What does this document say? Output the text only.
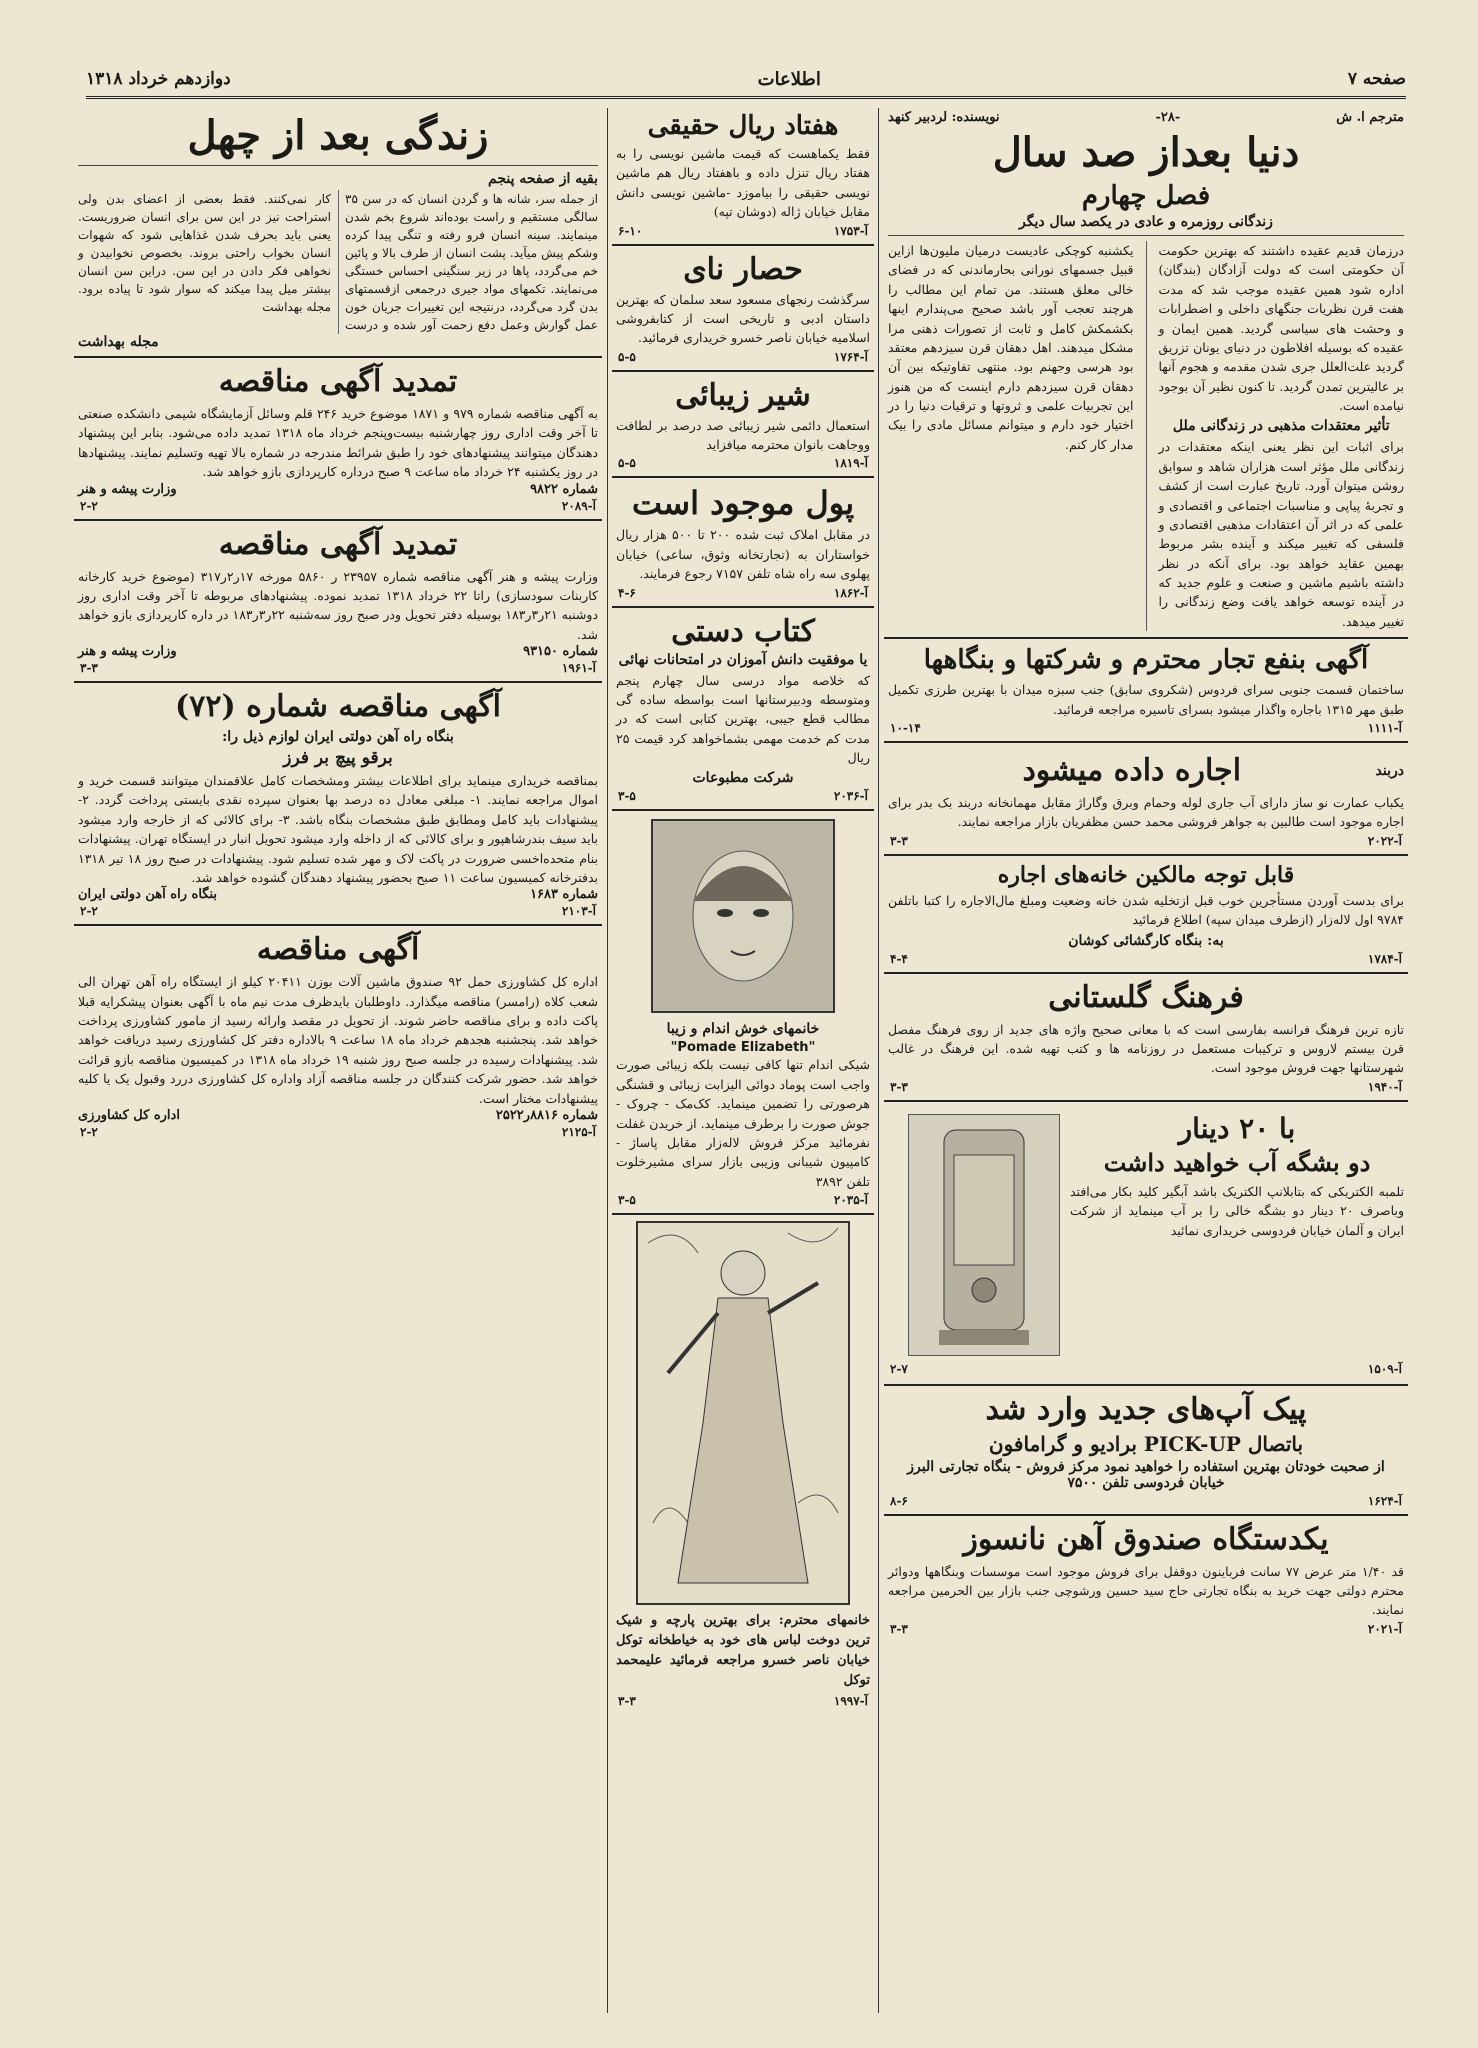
صفحه ۷
اطلاعات
دوازدهم خرداد ۱۳۱۸
مترجم ا. ش
-۲۸-
نویسنده: لردبیر کنهد
دنیا بعداز صد سال
فصل چهارم
زندگانی روزمره و عادی در یکصد سال دیگر
درزمان قدیم عقیده داشتند که بهترین حکومت آن حکومتی است که دولت آزادگان (بندگان) اداره شود همین عقیده موجب شد که مدت هفت قرن نظریات جنگهای داخلی و اضطرابات و وحشت های سیاسی گردید. همین ایمان و عقیده که بوسیله افلاطون در دنیای یونان تزریق گردید علت‌العلل جری شدن مقدمه و هجوم آنها بر عالیترین تمدن گردید. تا کنون نظیر آن بوجود نیامده است.
تأثیر معتقدات مذهبی در زندگانی ملل
برای اثبات این نظر یعنی اینکه معتقدات در زندگانی ملل مؤثر است هزاران شاهد و سوابق روشن میتوان آورد. تاریخ عبارت است از کشف و تجربهٔ پیاپی و مناسبات اجتماعی و اقتصادی و علمی که در اثر آن اعتقادات مذهبی اقتصادی و فلسفی که تغییر میکند و آینده بشر مربوط بهمین عقاید خواهد بود. برای آنکه در نظر داشته باشیم ماشین و صنعت و علوم جدید که در آینده توسعه خواهد یافت وضع زندگانی را تغییر میدهد.
یکشنبه کوچکی عادیست درمیان ملیون‌ها ازاین قبیل جسمهای نورانی بحارماندنی که در فضای خالی معلق هستند. من تمام این مطالب را هرچند تعجب آور باشد صحیح می‌پندارم اینها بکشمکش کامل و ثابت از تصورات ذهنی مرا مشکل میدهند. اهل دهقان قرن سیزدهم معتقد بود هرسی وجهنم بود. منتهی تفاوتیکه بین آن دهقان قرن سیزدهم دارم اینست که من هنوز این تجربیات علمی و ثروتها و ترقیات دنیا را در اختیار خود دارم و میتوانم مسائل مادی را بیک مدار کار کنم.
آگهی بنفع تجار محترم و شرکتها و بنگاهها
ساختمان قسمت جنوبی سرای فردوس (شکروی سابق) جنب سبزه میدان با بهترین طرزی تکمیل طبق مهر ۱۳۱۵ باجاره واگذار میشود بسرای تاسیره مراجعه فرمائید.
آ-۱۱۱۱
۱۰-۱۴
دربند
اجاره داده میشود
یکباب عمارت نو ساز دارای آب جاری لوله وحمام وبرق وگاراژ مقابل مهمانخانه دربند بک بدر برای اجاره موجود است طالبین به جواهر فروشی محمد حسن مظفریان بازار مراجعه نمایند.
آ-۲۰۲۲
۳-۳
قابل توجه مالکین خانه‌های اجاره
برای بدست آوردن مستأجرین خوب قبل ازتخلیه شدن خانه وضعیت ومبلغ مال‌الاجاره را کتبا باتلفن ۹۷۸۴ اول لاله‌زار (ازطرف میدان سپه) اطلاع فرمائید
به: بنگاه کارگشائی کوشان
آ-۱۷۸۴
۴-۴
فرهنگ گلستانی
تازه ترین فرهنگ فرانسه بفارسی است که با معانی صحیح واژه های جدید از روی فرهنگ مفصل قرن بیستم لاروس و ترکیبات مستعمل در روزنامه ها و کتب تهیه شده. این فرهنگ در غالب شهرستانها جهت فروش موجود است.
آ-۱۹۴۰
۳-۳
با ۲۰ دینار
دو بشگه آب خواهید داشت
تلمبه الکتریکی که بتابلانپ الکتریک باشد آبگیر کلید بکار می‌افتد وباصرف ۲۰ دینار دو بشگه خالی را بر آب مینماید از شرکت ایران و آلمان خیابان فردوسی خریداری نمائید
آ-۱۵۰۹
۲-۷
پیک آپ‌های جدید وارد شد
باتصال PICK-UP برادیو و گرامافون
از صحبت خودتان بهترین استفاده را خواهید نمود مرکز فروش - بنگاه تجارتی البرز خیابان فردوسی تلفن ۷۵۰۰
آ-۱۶۲۴
۸-۶
یکدستگاه صندوق آهن نانسوز
قد ۱/۴۰ متر عرض ۷۷ سانت فرباینون دوقفل برای فروش موجود است موسسات وبنگاهها ودوائر محترم دولتی جهت خرید به بنگاه تجارتی حاج سید حسین ورشوچی جنب بازار بین الحرمین مراجعه نمایند.
آ-۲۰۲۱
۳-۳
هفتاد ریال حقیقی
فقط یکماهست که قیمت ماشین نویسی را به هفتاد ریال تنزل داده و باهفتاد ریال هم ماشین نویسی حقیقی را بیاموزد -ماشین نویسی دانش مقابل خیابان ژاله (دوشان تپه)
آ-۱۷۵۳
۶-۱۰
حصار نای
سرگذشت رنجهای مسعود سعد سلمان که بهترین داستان ادبی و تاریخی است از کتابفروشی اسلامیه خیابان ناصر خسرو خریداری فرمائید.
آ-۱۷۶۴
۵-۵
شیر زیبائی
استعمال دائمی شیر زیبائی صد درصد بر لطافت ووجاهت بانوان محترمه میافزاید
آ-۱۸۱۹
۵-۵
پول موجود است
در مقابل املاک ثبت شده ۲۰۰ تا ۵۰۰ هزار ریال خواستاران به (تجارتخانه وثوق، ساعی) خیابان پهلوی سه راه شاه تلفن ۷۱۵۷ رجوع فرمایند.
آ-۱۸۶۲
۴-۶
کتاب دستی
یا موفقیت دانش آموزان در امتحانات نهائی
که خلاصه مواد درسی سال چهارم پنجم ومتوسطه ودبیرستانها است بواسطه ساده گی مطالب قطع جیبی، بهترین کتابی است که در مدت کم خدمت مهمی بشماخواهد کرد قیمت ۲۵ ریال
شرکت مطبوعات
آ-۲۰۳۶
۳-۵
خانمهای خوش اندام و زیبا
"Pomade Elizabeth"
شیکی اندام تنها کافی نیست بلکه زیبائی صورت واجب است پوماد دوائی الیزابت زیبائی و قشنگی هرصورتی را تضمین مینماید. کک‌مک - چروک - جوش صورت را برطرف مینماید. از خریدن غفلت نفرمائید مرکز فروش لاله‌زار مقابل پاساژ - کامپیون شیبانی وزیبی بازار سرای مشیرخلوت تلفن ۳۸۹۲
آ-۲۰۳۵
۳-۵
خانمهای محترم: برای بهترین پارچه و شیک ترین دوخت لباس های خود به خیاطخانه توکل خیابان ناصر خسرو مراجعه فرمائید علیمحمد توکل
آ-۱۹۹۷
۳-۳
زندگی بعد از چهل
بقیه از صفحه پنجم
از جمله سر، شانه ها و گردن انسان که در سن ۳۵ سالگی مستقیم و راست بوده‌اند شروع بخم شدن مینمایند. سینه انسان فرو رفته و تنگی پیدا کرده وشکم پیش میآید. پشت انسان از طرف بالا و پائین خم می‌گردد، پاها در زیر سنگینی احساس خستگی می‌نمایند. تکمهای مواد جیری درجمعی ازقسمتهای بدن گرد می‌گردد، درنتیجه این تغییرات جریان خون عمل گوارش وعمل دفع زحمت آور شده و درست کار نمی‌کنند. فقط بعضی از اعضای بدن ولی استراحت نیز در این سن برای انسان ضروریست. یعنی باید بحرف شدن غذاهایی شود که شهوات انسان بخواب راحتی بروند. بخصوص نخوابیدن و نخواهی فکر دادن در این سن. دراین سن انسان بیشتر میل پیدا میکند که سوار شود تا پیاده برود. مجله بهداشت
مجله بهداشت
تمدید آگهی مناقصه
به آگهی مناقصه شماره ۹۷۹ و ۱۸۷۱ موضوع خرید ۲۴۶ قلم وسائل آزمایشگاه شیمی دانشکده صنعتی تا آخر وقت اداری روز چهارشنبه بیست‌وپنجم خرداد ماه ۱۳۱۸ تمدید داده می‌شود. بنابر این پیشنهاد دهندگان میتوانند پیشنهادهای خود را طبق شرائط مندرجه در شماره بالا تهیه وتسلیم نمایند. پیشنهادها در روز یکشنبه ۲۴ خرداد ماه ساعت ۹ صبح درداره کارپردازی بازو خواهد شد.
شماره ۹۸۲۲
وزارت پیشه و هنر
آ-۲۰۸۹
۲-۲
تمدید آگهی مناقصه
وزارت پیشه و هنر آگهی مناقصه شماره ۲۳۹۵۷ ر ۵۸۶۰ مورخه ۱۷ر۲ر۳۱۷ (موضوع خرید کارخانه کاربنات سودسازی) راتا ۲۲ خرداد ۱۳۱۸ تمدید نموده. پیشنهادهای مربوطه تا آخر وقت اداری روز دوشنبه ۲۱ر۳ر۱۸۳ بوسیله دفتر تحویل ودر صبح روز سه‌شنبه ۲۲ر۳ر۱۸۳ در داره کارپردازی بازو خواهد شد.
شماره ۹۳۱۵۰
وزارت پیشه و هنر
آ-۱۹۶۱
۳-۳
آگهی مناقصه شماره (۷۲)
بنگاه راه آهن دولتی ایران لوازم ذیل را:
برقو پیچ بر فرز
بمناقصه خریداری مینماید برای اطلاعات بیشتر ومشخصات کامل علاقمندان میتوانند قسمت خرید و اموال مراجعه نمایند. ۱- مبلغی معادل ده درصد بها بعنوان سپرده نقدی بایستی پرداخت گردد. ۲- پیشنهادات باید کامل ومطابق طبق مشخصات بنگاه باشد. ۳- برای کالائی که از خارجه وارد میشود باید سیف بندرشاهپور و برای کالائی که از داخله وارد میشود تحویل انبار در ایستگاه تهران. پیشنهادات بنام متحده‌اخسی ضرورت در پاکت لاک و مهر شده تسلیم شود. پیشنهادات در صبح روز ۱۸ تیر ۱۳۱۸ بدفترخانه کمیسیون ساعت ۱۱ صبح بحضور پیشنهاد دهندگان گشوده خواهد شد.
شماره ۱۶۸۳
بنگاه راه آهن دولتی ایران
آ-۲۱۰۳
۲-۲
آگهی مناقصه
اداره کل کشاورزی حمل ۹۲ صندوق ماشین آلات بوزن ۲۰۴۱۱ کیلو از ایستگاه راه آهن تهران الی شعب کلاه (رامسر) مناقصه میگذارد. داوطلبان بایدظرف مدت نیم ماه با آگهی بعنوان پیشکرایه قبلا پاکت داده و برای مناقصه حاضر شوند. از تحویل در مقصد وارائه رسید از مامور کشاورزی پرداخت خواهد شد. پنجشنبه هجدهم خرداد ماه ۱۸ ساعت ۹ بالاداره دفتر کل کشاورزی رسید دریافت خواهد شد. پیشنهادات رسیده در جلسه صبح روز شنبه ۱۹ خرداد ماه ۱۳۱۸ در کمیسیون مناقصه بازو قرائت خواهد شد. حضور شرکت کنندگان در جلسه مناقصه آزاد واداره کل کشاورزی دررد وقبول یک یا کلیه پیشنهادات مختار است.
شماره ۸۸۱۶ر۲۵۲۲
اداره کل کشاورزی
آ-۲۱۲۵
۲-۲
